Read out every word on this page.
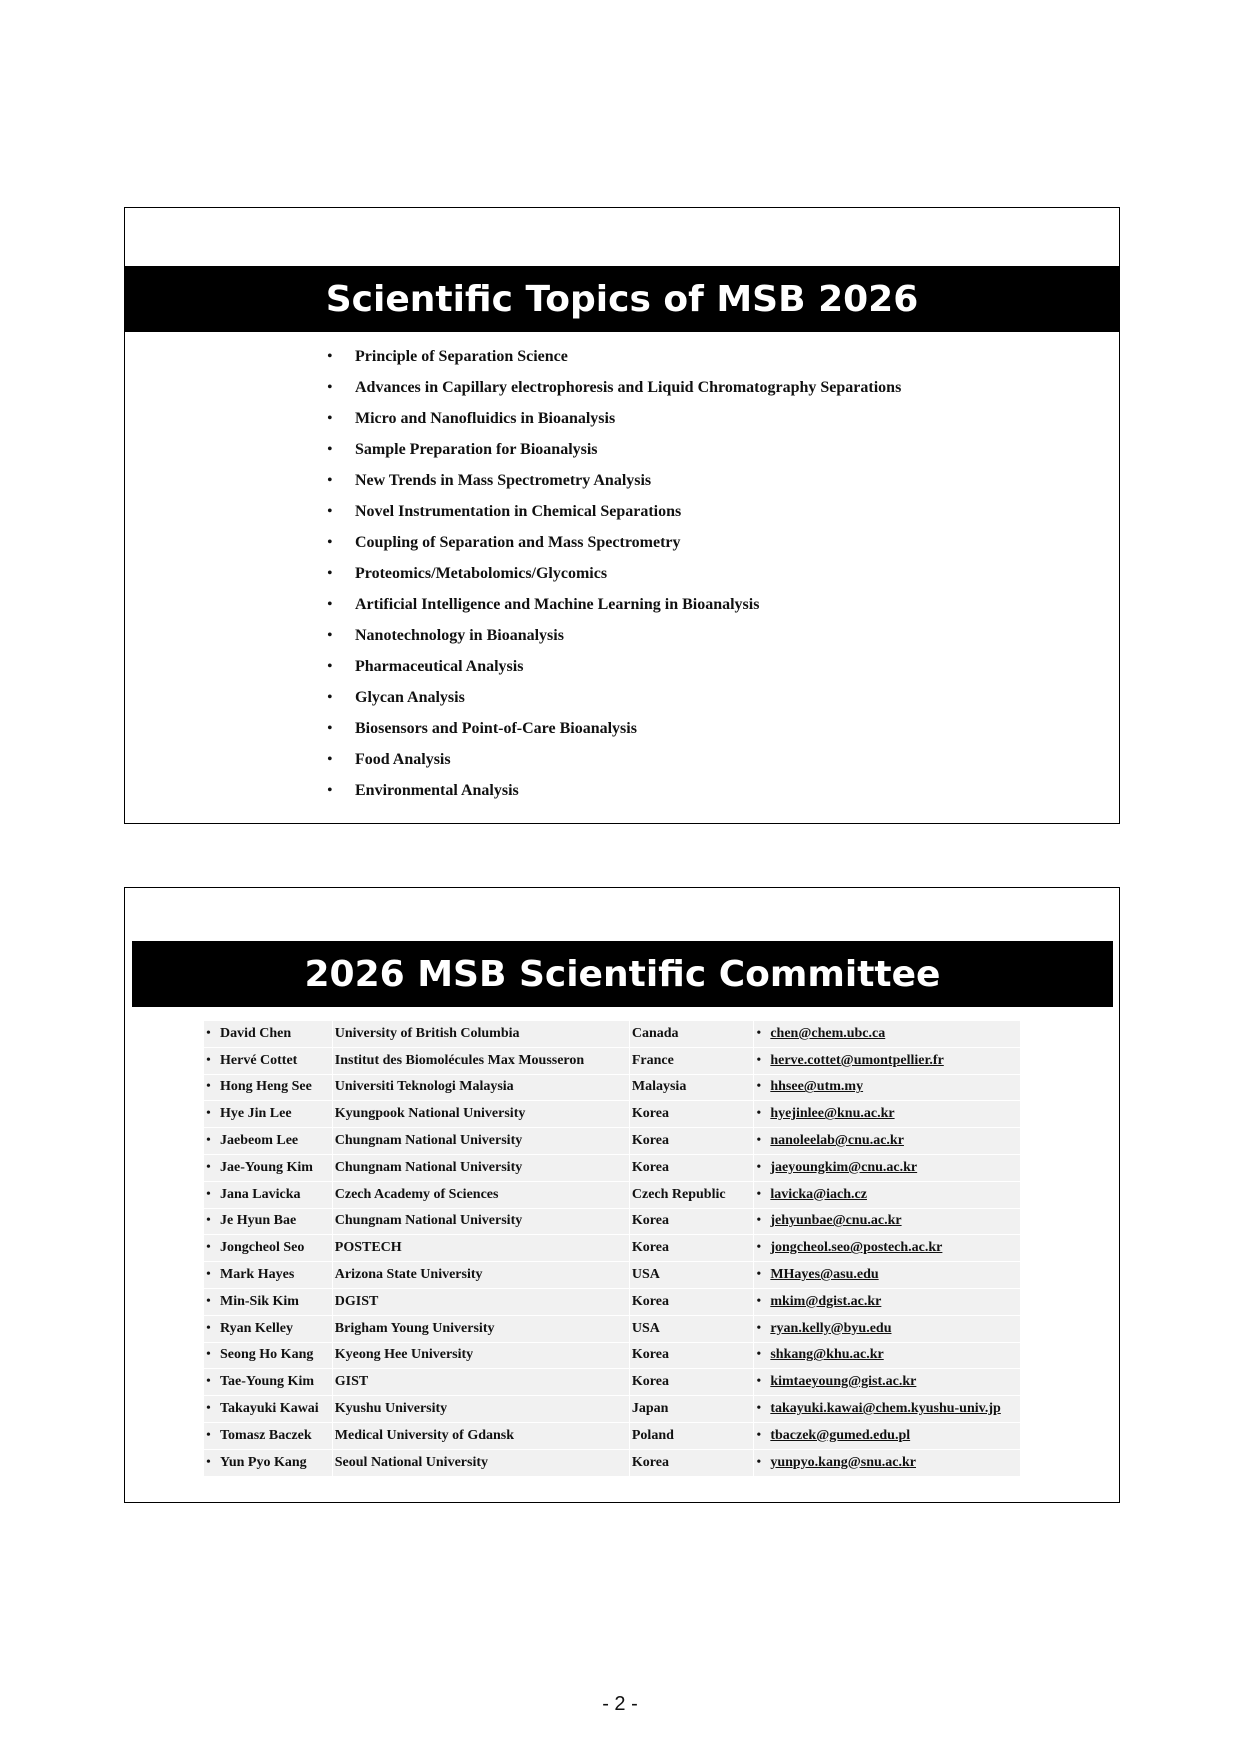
Scientific Topics of MSB 2026
• Principle of Separation Science
• Advances in Capillary electrophoresis and Liquid Chromatography Separations
• Micro and Nanofluidics in Bioanalysis
• Sample Preparation for Bioanalysis
• New Trends in Mass Spectrometry Analysis
• Novel Instrumentation in Chemical Separations
• Coupling of Separation and Mass Spectrometry
• Proteomics/Metabolomics/Glycomics
• Artificial Intelligence and Machine Learning in Bioanalysis
• Nanotechnology in Bioanalysis
• Pharmaceutical Analysis
• Glycan Analysis
• Biosensors and Point-of-Care Bioanalysis
• Food Analysis
• Environmental Analysis
2026 MSB Scientific Committee
• David Chen	University of British Columbia	Canada	• chen@chem.ubc.ca
• Hervé Cottet	Institut des Biomolécules Max Mousseron	France	• herve.cottet@umontpellier.fr
• Hong Heng See	Universiti Teknologi Malaysia	Malaysia	• hhsee@utm.my
• Hye Jin Lee	Kyungpook National University	Korea	• hyejinlee@knu.ac.kr
• Jaebeom Lee	Chungnam National University	Korea	• nanoleelab@cnu.ac.kr
• Jae-Young Kim	Chungnam National University	Korea	• jaeyoungkim@cnu.ac.kr
• Jana Lavicka	Czech Academy of Sciences	Czech Republic	• lavicka@iach.cz
• Je Hyun Bae	Chungnam National University	Korea	• jehyunbae@cnu.ac.kr
• Jongcheol Seo	POSTECH	Korea	• jongcheol.seo@postech.ac.kr
• Mark Hayes	Arizona State University	USA	• MHayes@asu.edu
• Min-Sik Kim	DGIST	Korea	• mkim@dgist.ac.kr
• Ryan Kelley	Brigham Young University	USA	• ryan.kelly@byu.edu
• Seong Ho Kang	Kyeong Hee University	Korea	• shkang@khu.ac.kr
• Tae-Young Kim	GIST	Korea	• kimtaeyoung@gist.ac.kr
• Takayuki Kawai	Kyushu University	Japan	• takayuki.kawai@chem.kyushu-univ.jp
• Tomasz Baczek	Medical University of Gdansk	Poland	• tbaczek@gumed.edu.pl
• Yun Pyo Kang	Seoul National University	Korea	• yunpyo.kang@snu.ac.kr
- 2 -
